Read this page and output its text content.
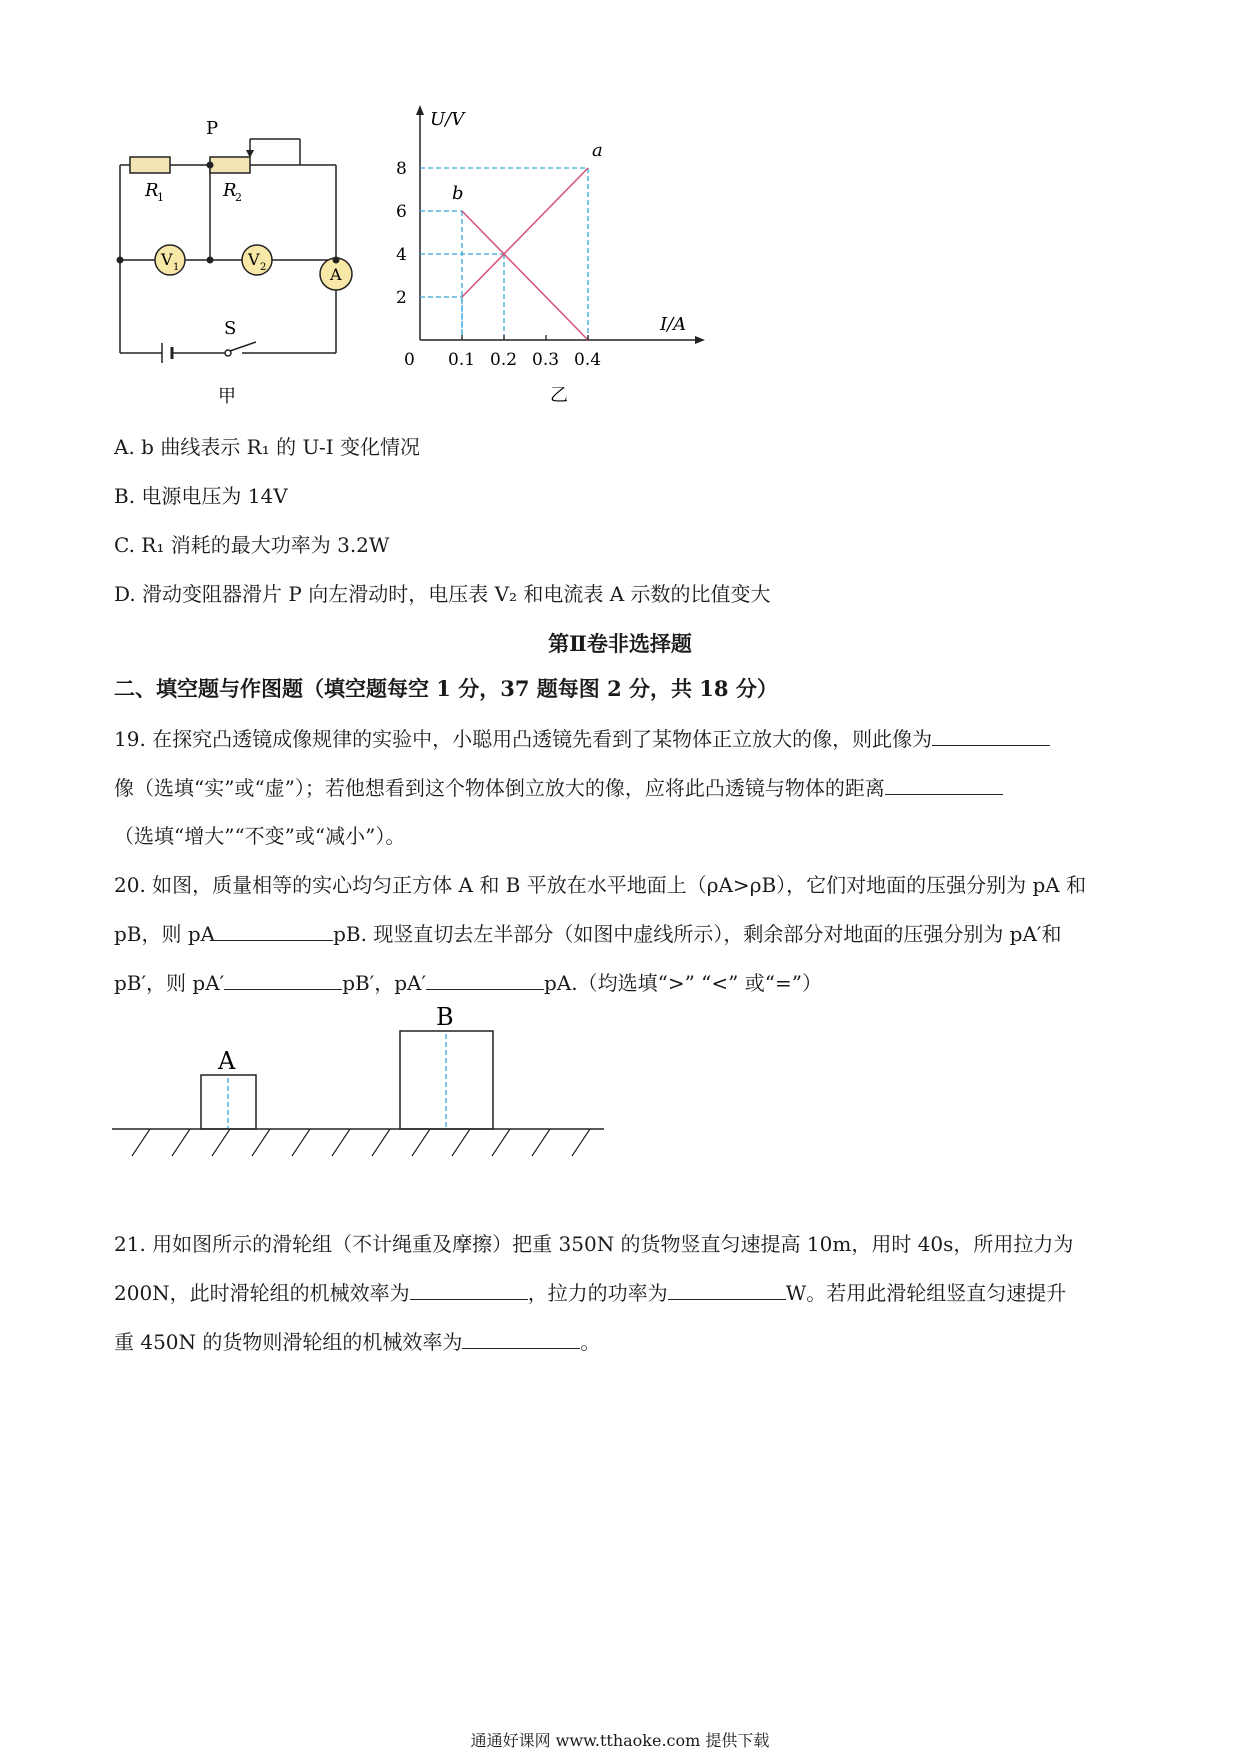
P
R
1	R
2
V 1	V 2	A
S
甲
U/V
I/A
a
b
0 0.1 0.2 0.3 0.4
2
4
6
8
乙
A. b 曲线表示 R₁ 的 U-I 变化情况
B. 电源电压为 14V
C. R₁ 消耗的最大功率为 3.2W
D. 滑动变阻器滑片 P 向左滑动时，电压表 V₂ 和电流表 A 示数的比值变大
第Ⅱ卷非选择题
二、填空题与作图题（填空题每空 1 分，37 题每图 2 分，共 18 分）
19. 在探究凸透镜成像规律的实验中，小聪用凸透镜先看到了某物体正立放大的像，则此像为
像（选填“实”或“虚”）；若他想看到这个物体倒立放大的像，应将此凸透镜与物体的距离
（选填“增大”“不变”或“减小”）。
20. 如图，质量相等的实心均匀正方体 A 和 B 平放在水平地面上（ρA>ρB），它们对地面的压强分别为 pA 和
pB，则 pA	pB. 现竖直切去左半部分（如图中虚线所示），剩余部分对地面的压强分别为 pA′和
pB′，则 pA′	pB′，pA′	pA.（均选填“>” “<” 或“=”）
A
B
21. 用如图所示的滑轮组（不计绳重及摩擦）把重 350N 的货物竖直匀速提高 10m，用时 40s，所用拉力为
200N，此时滑轮组的机械效率为	，拉力的功率为	W。若用此滑轮组竖直匀速提升
重 450N 的货物则滑轮组的机械效率为	。
通通好课网 www.tthaoke.com 提供下载
